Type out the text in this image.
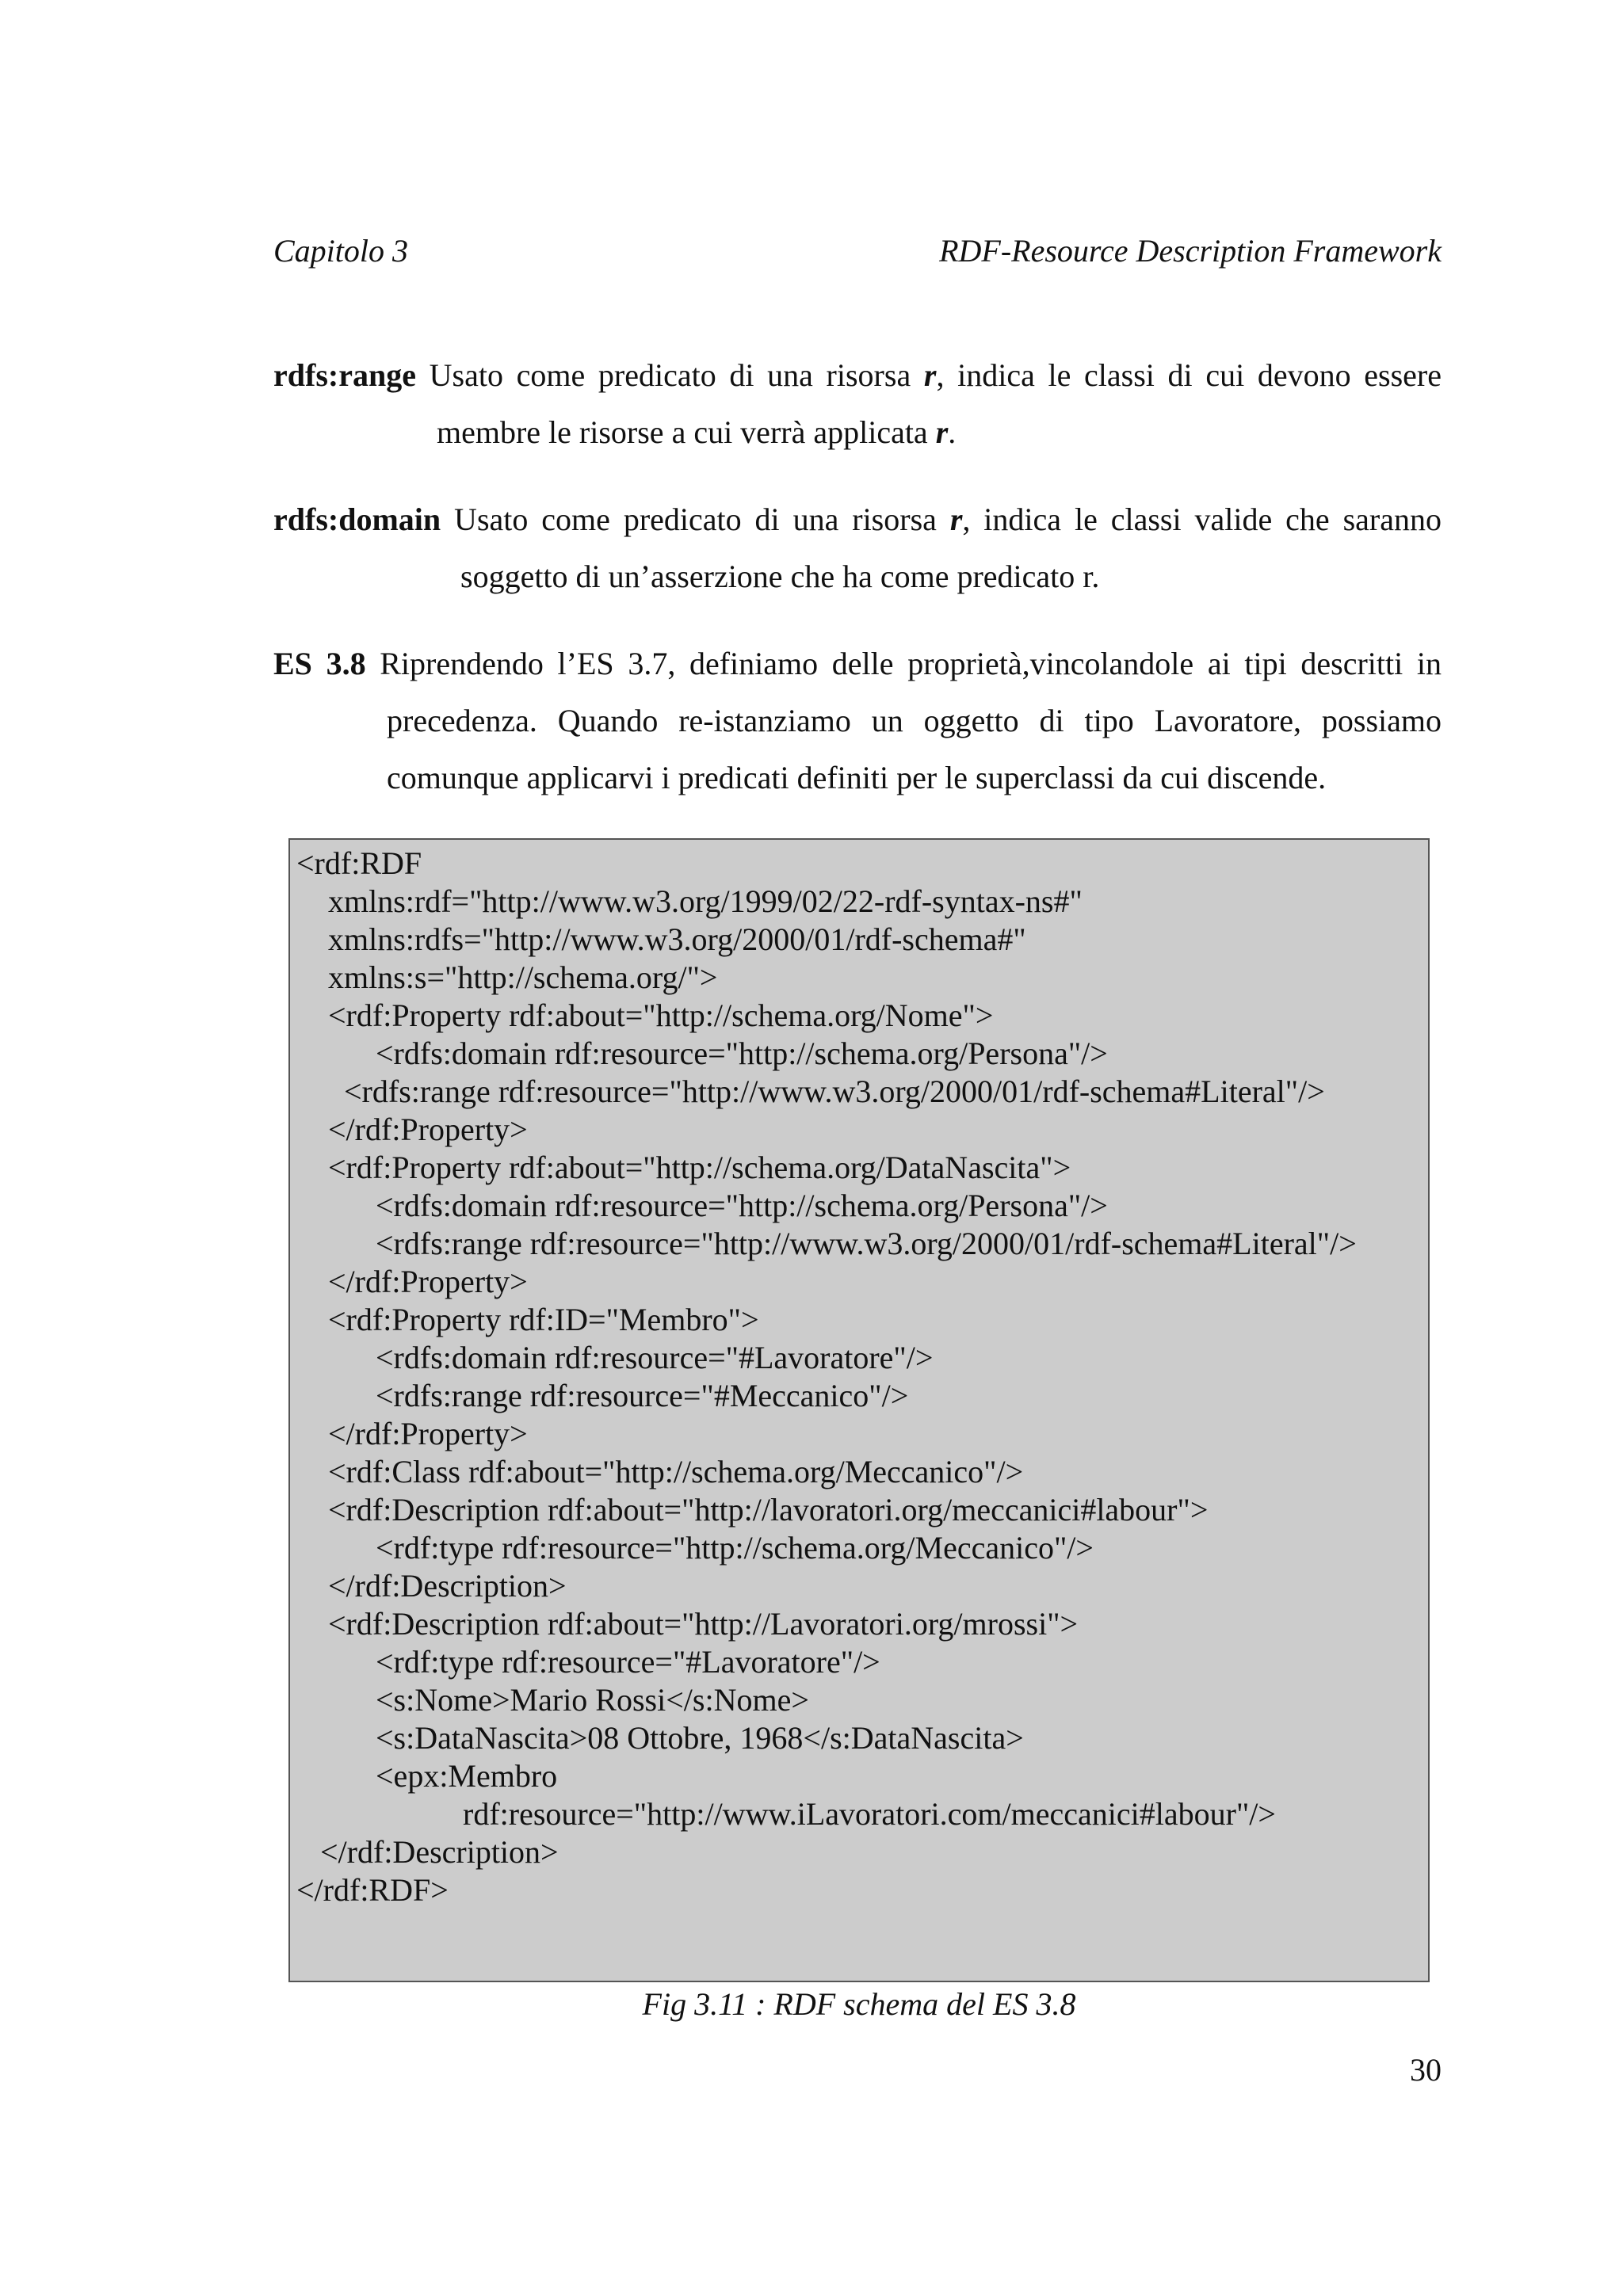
Capitolo 3	RDF-Resource Description Framework

rdfs:range Usato come predicato di una risorsa r, indica le classi di cui devono essere membre le risorse a cui verrà applicata r.

rdfs:domain Usato come predicato di una risorsa r, indica le classi valide che saranno soggetto di un’asserzione che ha come predicato r.

ES 3.8 Riprendendo l’ES 3.7, definiamo delle proprietà,vincolandole ai tipi descritti in precedenza. Quando re-istanziamo un oggetto di tipo Lavoratore, possiamo comunque applicarvi i predicati definiti per le superclassi da cui discende.

<rdf:RDF
xmlns:rdf="http://www.w3.org/1999/02/22-rdf-syntax-ns#"
xmlns:rdfs="http://www.w3.org/2000/01/rdf-schema#"
xmlns:s="http://schema.org/">
<rdf:Property rdf:about="http://schema.org/Nome">
<rdfs:domain rdf:resource="http://schema.org/Persona"/>
<rdfs:range rdf:resource="http://www.w3.org/2000/01/rdf-schema#Literal"/>
</rdf:Property>
<rdf:Property rdf:about="http://schema.org/DataNascita">
<rdfs:domain rdf:resource="http://schema.org/Persona"/>
<rdfs:range rdf:resource="http://www.w3.org/2000/01/rdf-schema#Literal"/>
</rdf:Property>
<rdf:Property rdf:ID="Membro">
<rdfs:domain rdf:resource="#Lavoratore"/>
<rdfs:range rdf:resource="#Meccanico"/>
</rdf:Property>
<rdf:Class rdf:about="http://schema.org/Meccanico"/>
<rdf:Description rdf:about="http://lavoratori.org/meccanici#labour">
<rdf:type rdf:resource="http://schema.org/Meccanico"/>
</rdf:Description>
<rdf:Description rdf:about="http://Lavoratori.org/mrossi">
<rdf:type rdf:resource="#Lavoratore"/>
<s:Nome>Mario Rossi</s:Nome>
<s:DataNascita>08 Ottobre, 1968</s:DataNascita>
<epx:Membro
rdf:resource="http://www.iLavoratori.com/meccanici#labour"/>
</rdf:Description>
</rdf:RDF>
Fig 3.11 : RDF schema del ES 3.8
30
